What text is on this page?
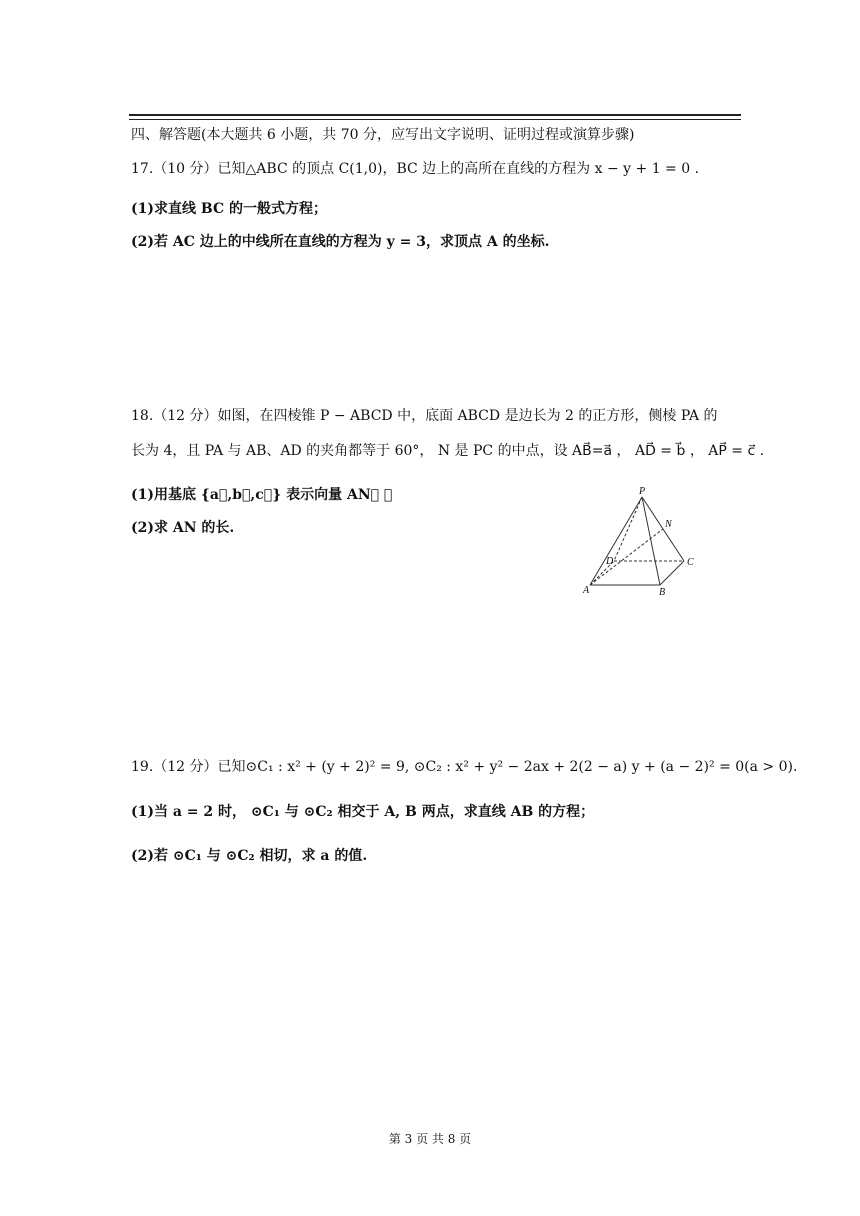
四、解答题(本大题共 6 小题，共 70 分，应写出文字说明、证明过程或演算步骤)
17.（10 分）已知△ABC 的顶点 C(1,0)，BC 边上的高所在直线的方程为 x − y + 1 = 0 .
(1)求直线 BC 的一般式方程；
(2)若 AC 边上的中线所在直线的方程为 y = 3，求顶点 A 的坐标.
18.（12 分）如图，在四棱锥 P − ABCD 中，底面 ABCD 是边长为 2 的正方形，侧棱 PA 的
长为 4，且 PA 与 AB、AD 的夹角都等于 60°， N 是 PC 的中点，设 AB⃗=a⃗ ， AD⃗ = b⃗ ， AP⃗ = c⃗ .
(1)用基底 {a⃗,b⃗,c⃗} 表示向量 AN⃗ ；
(2)求 AN 的长.
P
N
D	C
A	B
19.（12 分）已知⊙C₁ : x² + (y + 2)² = 9, ⊙C₂ : x² + y² − 2ax + 2(2 − a) y + (a − 2)² = 0(a > 0).
(1)当 a = 2 时， ⊙C₁ 与 ⊙C₂ 相交于 A, B 两点，求直线 AB 的方程；
(2)若 ⊙C₁ 与 ⊙C₂ 相切，求 a 的值.
第 3 页 共 8 页
